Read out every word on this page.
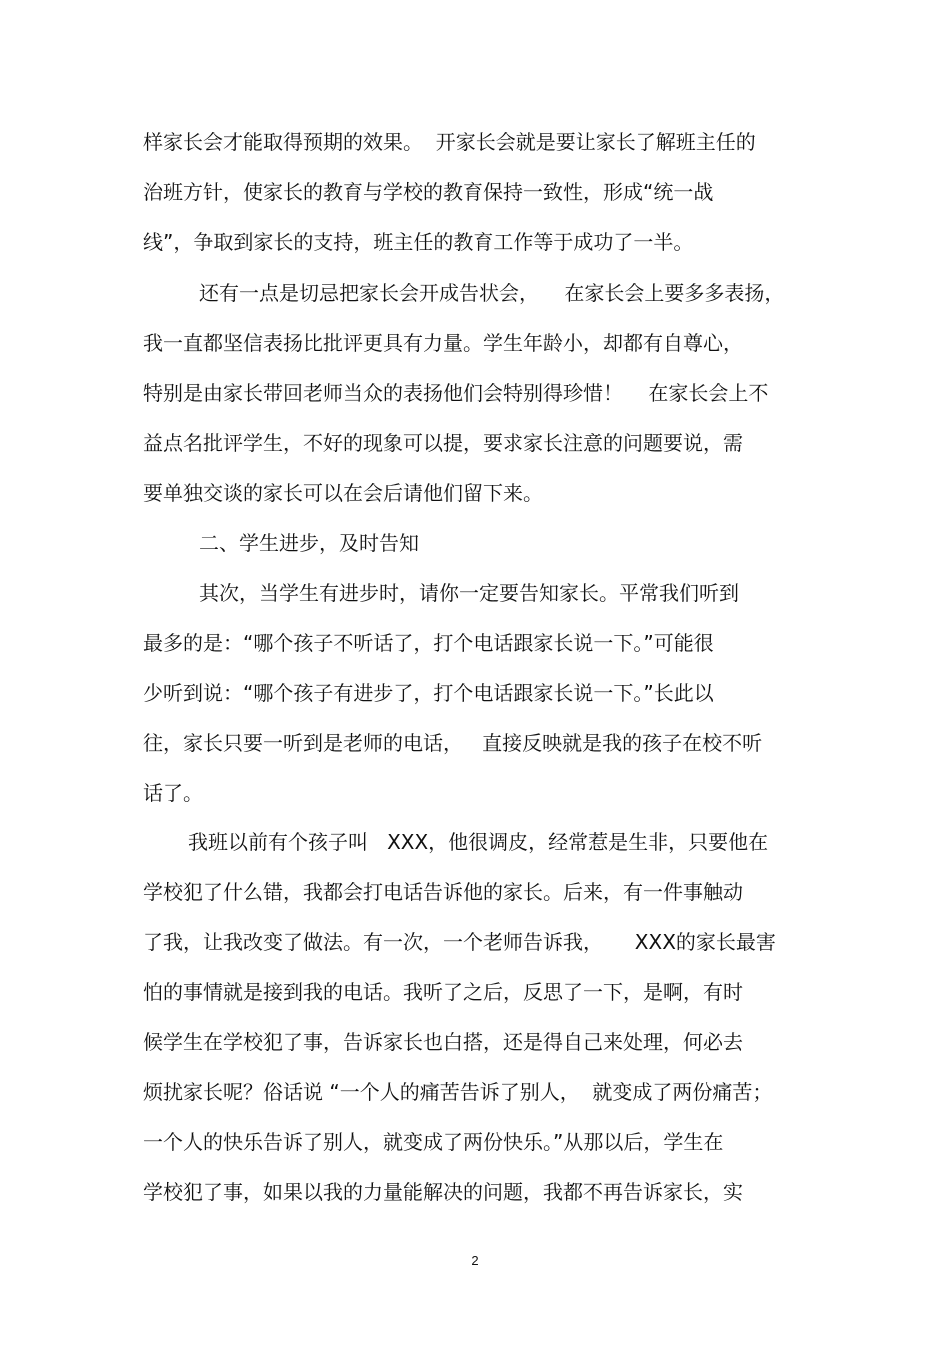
样家长会才能取得预期的效果。  开家长会就是要让家长了解班主任的

治班方针，使家长的教育与学校的教育保持一致性，形成“统一战

线”，争取到家长的支持，班主任的教育工作等于成功了一半。

还有一点是切忌把家长会开成告状会，    在家长会上要多多表扬，

我一直都坚信表扬比批评更具有力量。学生年龄小，却都有自尊心，

特别是由家长带回老师当众的表扬他们会特别得珍惜！    在家长会上不

益点名批评学生，不好的现象可以提，要求家长注意的问题要说，需

要单独交谈的家长可以在会后请他们留下来。

二、学生进步，及时告知

其次，当学生有进步时，请你一定要告知家长。平常我们听到

最多的是：“哪个孩子不听话了，打个电话跟家长说一下。”可能很

少听到说：“哪个孩子有进步了，打个电话跟家长说一下。”长此以

往，家长只要一听到是老师的电话，   直接反映就是我的孩子在校不听

话了。

我班以前有个孩子叫   XXX，他很调皮，经常惹是生非，只要他在

学校犯了什么错，我都会打电话告诉他的家长。后来，有一件事触动

了我，让我改变了做法。有一次，一个老师告诉我，     XXX的家长最害

怕的事情就是接到我的电话。我听了之后，反思了一下，是啊，有时

候学生在学校犯了事，告诉家长也白搭，还是得自己来处理，何必去

烦扰家长呢？俗话说 “一个人的痛苦告诉了别人，  就变成了两份痛苦；

一个人的快乐告诉了别人，就变成了两份快乐。”从那以后，学生在

学校犯了事，如果以我的力量能解决的问题，我都不再告诉家长，实

2
